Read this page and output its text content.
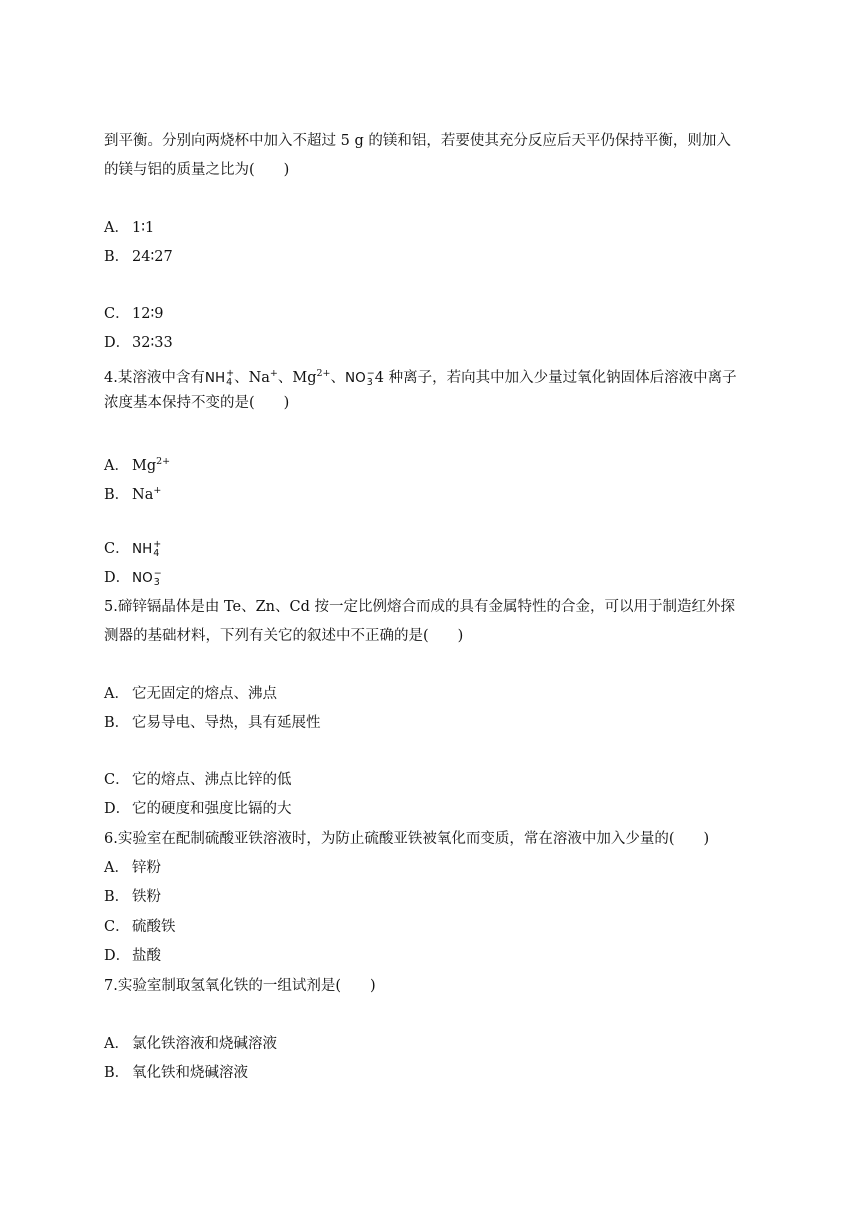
到平衡。分别向两烧杯中加入不超过 5 g 的镁和铝，若要使其充分反应后天平仍保持平衡，则加入
的镁与铝的质量之比为(　　)
A． 1∶1
B． 24∶27
C． 12∶9
D． 32∶33
4.某溶液中含有NH +
4 、Na+、$Mg^{2+}$、NO −
3 4 种离子，若向其中加入少量过氧化钠固体后溶液中离子
浓度基本保持不变的是(　　)
A． $Mg^{2+}$
B． Na+
C． NH +
4
D． NO −
3
5.碲锌镉晶体是由 Te、Zn、Cd 按一定比例熔合而成的具有金属特性的合金，可以用于制造红外探
测器的基础材料，下列有关它的叙述中不正确的是(　　)
A． 它无固定的熔点、沸点
B． 它易导电、导热，具有延展性
C． 它的熔点、沸点比锌的低
D． 它的硬度和强度比镉的大
6.实验室在配制硫酸亚铁溶液时，为防止硫酸亚铁被氧化而变质，常在溶液中加入少量的(　　)
A． 锌粉
B． 铁粉
C． 硫酸铁
D． 盐酸
7.实验室制取氢氧化铁的一组试剂是(　　)
A． 氯化铁溶液和烧碱溶液
B． 氧化铁和烧碱溶液
